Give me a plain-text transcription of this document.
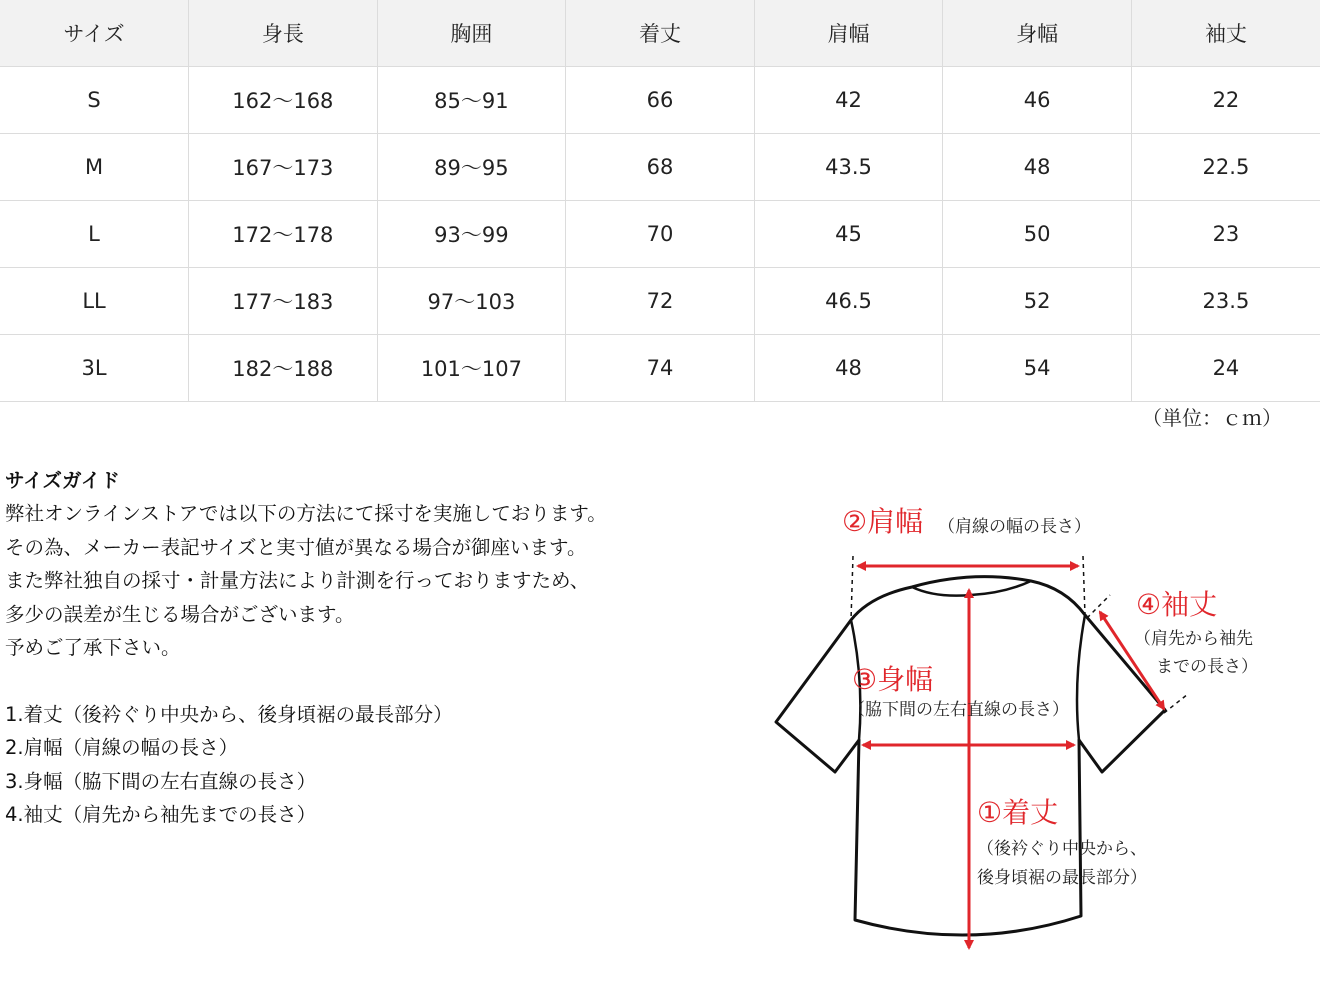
サイズ	身長	胸囲	着丈	肩幅	身幅	袖丈
S	162～168	85～91	66	42	46	22
M	167～173	89～95	68	43.5	48	22.5
L	172～178	93～99	70	45	50	23
LL	177～183	97～103	72	46.5	52	23.5
3L	182～188	101～107	74	48	54	24
（単位：ｃｍ）
サイズガイド
弊社オンラインストアでは以下の方法にて採寸を実施しております。
その為、メーカー表記サイズと実寸値が異なる場合が御座います。
また弊社独自の採寸・計量方法により計測を行っておりますため、
多少の誤差が生じる場合がございます。
予めご了承下さい。
1.着丈（後衿ぐり中央から、後身頃裾の最長部分）
2.肩幅（肩線の幅の長さ）
3.身幅（脇下間の左右直線の長さ）
4.袖丈（肩先から袖先までの長さ）
②肩幅 （肩線の幅の長さ）
④袖丈
（肩先から袖先
までの長さ）
③身幅
（脇下間の左右直線の長さ）
①着丈
（後衿ぐり中央から、
後身頃裾の最長部分）
